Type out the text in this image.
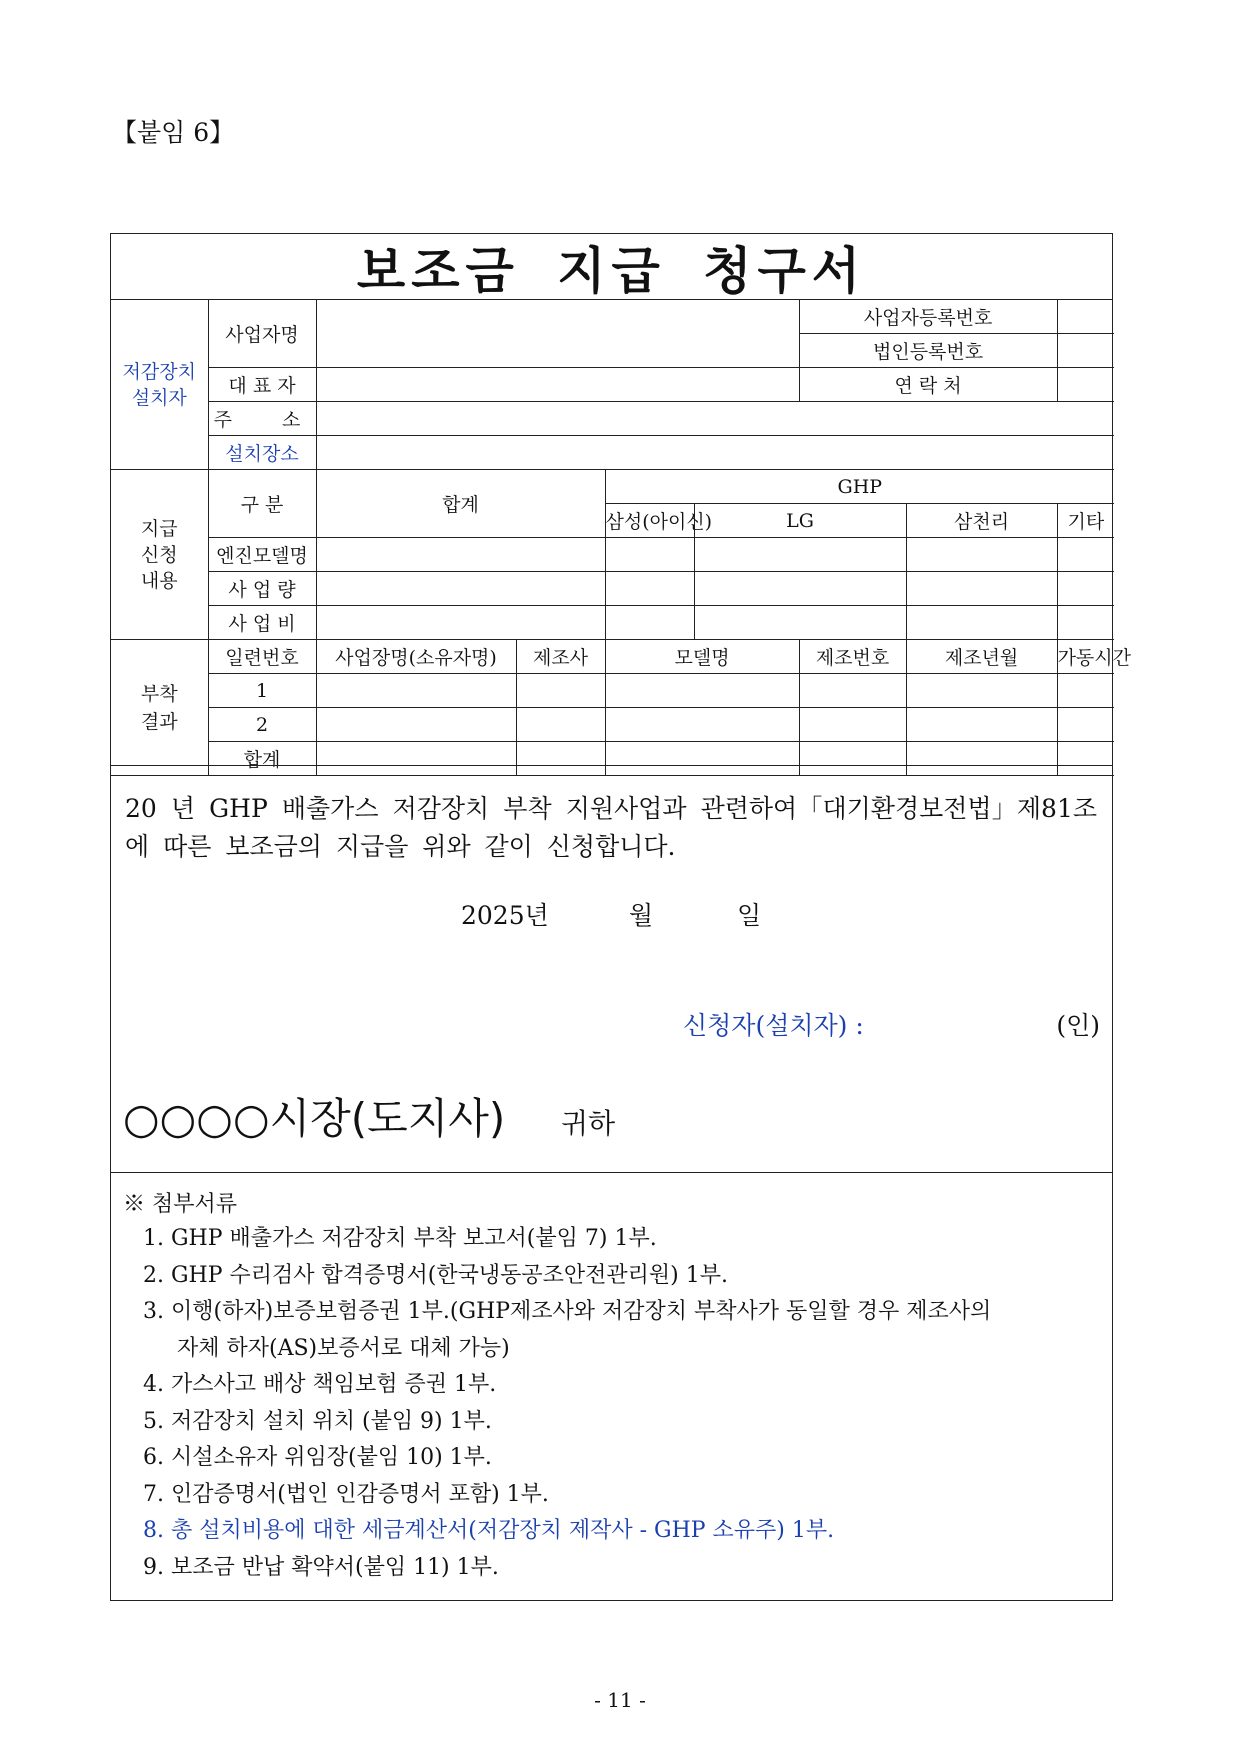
【붙임 6】
보조금 지급 청구서
저감장치
설치자	사업자명					사업자등록번호		
						법인등록번호		
	대 표 자					연 락 처		
	주 소							
	설치장소							
지급
신청
내용	구 분	합계		GHP				
				삼성(아이신)	LG		삼천리	기타
	엔진모델명							
	사 업 량							
	사 업 비							
부착
결과	일련번호	사업장명(소유자명)	제조사	모델명		제조번호	제조년월	가동시간
	1							
	2							
	합계							
20 년 GHP 배출가스 저감장치 부착 지원사업과 관련하여「대기환경보전법」제81조에 따른 보조금의 지급을 위와 같이 신청합니다.
2025년	월	일
신청자(설치자) :	(인)
○○○○시장(도지사) 귀하
※ 첨부서류
1. GHP 배출가스 저감장치 부착 보고서(붙임 7) 1부.
2. GHP 수리검사 합격증명서(한국냉동공조안전관리원) 1부.
3. 이행(하자)보증보험증권 1부.(GHP제조사와 저감장치 부착사가 동일할 경우 제조사의
자체 하자(AS)보증서로 대체 가능)
4. 가스사고 배상 책임보험 증권 1부.
5. 저감장치 설치 위치 (붙임 9) 1부.
6. 시설소유자 위임장(붙임 10) 1부.
7. 인감증명서(법인 인감증명서 포함) 1부.
8. 총 설치비용에 대한 세금계산서(저감장치 제작사 - GHP 소유주) 1부.
9. 보조금 반납 확약서(붙임 11) 1부.
- 11 -
